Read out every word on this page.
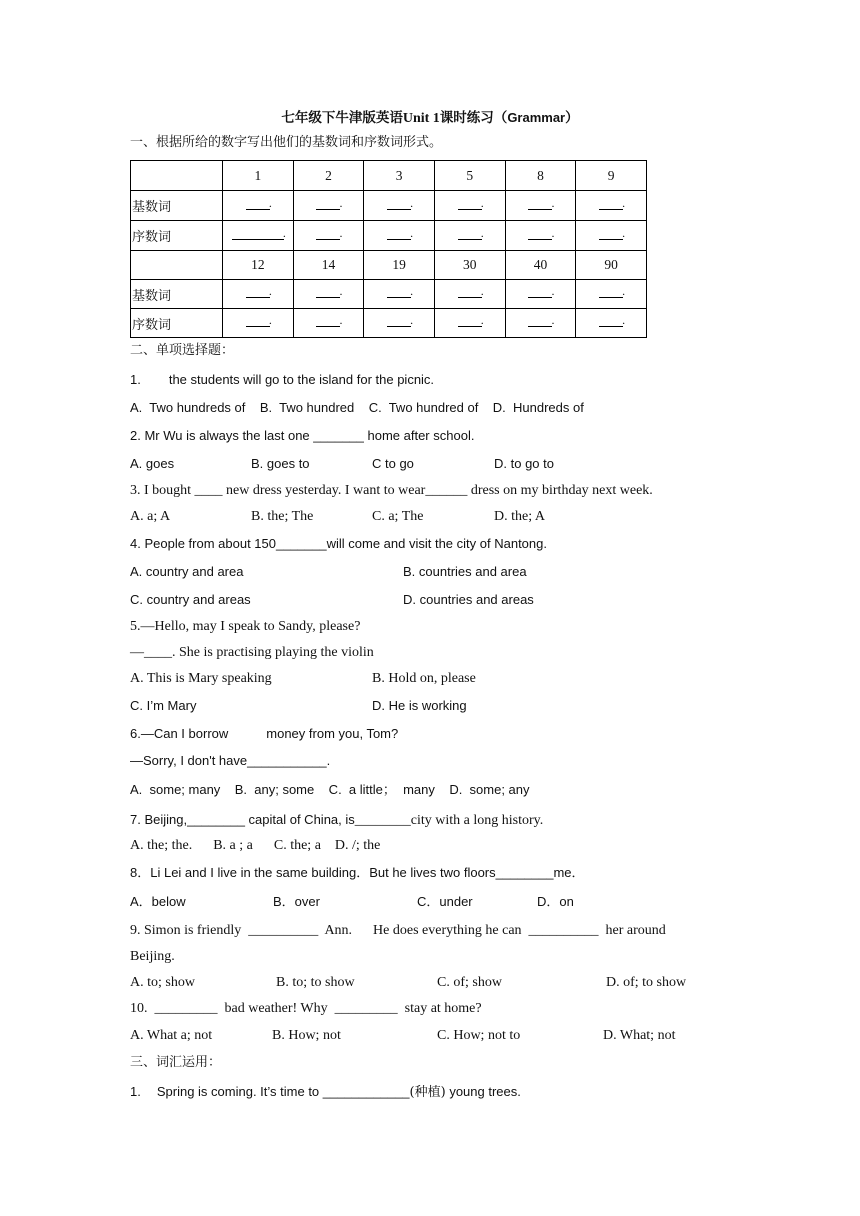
七年级下牛津版英语Unit 1课时练习（Grammar）
一、根据所给的数字写出他们的基数词和序数词形式。
	1	2	3	5	8	9
基数词	.	.	.	.	.	.
序数词	.	.	.	.	.	.
	12	14	19	30	40	90
基数词	.	.	.	.	.	.
序数词	.	.	.	.	.	.
二、单项选择题：
1. the students will go to the island for the picnic.
A.  Two hundreds of    B.  Two hundred    C.  Two hundred of    D.  Hundreds of
2. Mr Wu is always the last one _______ home after school.
A. goes	B. goes to	C to go	D. to go to
3. I bought ____ new dress yesterday. I want to wear______ dress on my birthday next week.
A. a; A	B. the; The	C. a; The	D. the; A
4. People from about 150_______will come and visit the city of Nantong.
A. country and area	B. countries and area
C. country and areas	D. countries and areas
5.—Hello, may I speak to Sandy, please?
—____. She is practising playing the violin
A. This is Mary speaking	B. Hold on, please
C. I’m Mary	D. He is working
6.—Can I borrow	money from you, Tom?
—Sorry, I don't have___________.
A.  some; many    B.  any; some    C.  a little；  many    D.  some; any
7. Beijing,________ capital of China, is________city with a long history.
A. the; the.      B. a ; a      C. the; a    D. /; the
8．Li Lei and I live in the same building．But he lives two floors________me．
A．below	B．over	C．under	D．on
9. Simon is friendly  __________  Ann.      He does everything he can  __________  her around
Beijing.
A. to; show	B. to; to show	C. of; show	D. of; to show
10.  _________  bad weather! Why  _________  stay at home?
A. What a; not	B. How; not	C. How; not to	D. What; not
三、词汇运用：
1. Spring is coming. It’s time to ____________(种植) young trees.
